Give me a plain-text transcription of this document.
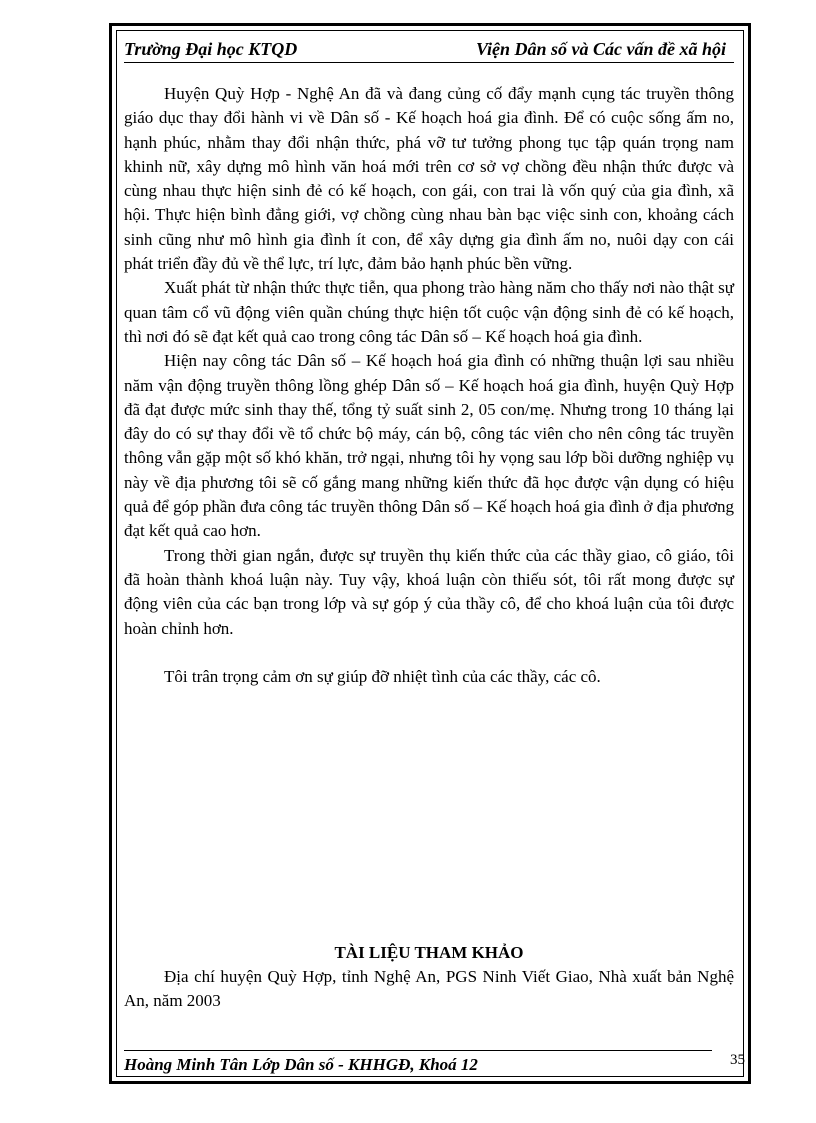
Trường Đại học KTQD	Viện Dân số và Các vấn đề xã hội

Huyện Quỳ Hợp - Nghệ An đã và đang củng cố đẩy mạnh cụng tác truyền thông giáo dục thay đổi hành vi về Dân số - Kế hoạch hoá gia đình. Để có cuộc sống ấm no, hạnh phúc, nhằm thay đổi nhận thức, phá vỡ tư tưởng phong tục tập quán trọng nam khinh nữ, xây dựng mô hình văn hoá mới trên cơ sở vợ chồng đều nhận thức được và cùng nhau thực hiện sinh đẻ có kế hoạch, con gái, con trai là vốn quý của gia đình, xã hội. Thực hiện bình đẳng giới, vợ chồng cùng nhau bàn bạc việc sinh con, khoảng cách sinh cũng như mô hình gia đình ít con, để xây dựng gia đình ấm no, nuôi dạy con cái phát triển đầy đủ về thể lực, trí lực, đảm bảo hạnh phúc bền vững.

Xuất phát từ nhận thức thực tiễn, qua phong trào hàng năm cho thấy nơi nào thật sự quan tâm cổ vũ động viên quần chúng thực hiện tốt cuộc vận động sinh đẻ có kế hoạch, thì nơi đó sẽ đạt kết quả cao trong công tác Dân số – Kế hoạch hoá gia đình.

Hiện nay công tác Dân số – Kế hoạch hoá gia đình có những thuận lợi sau nhiều năm vận động truyền thông lồng ghép Dân số – Kế hoạch hoá gia đình, huyện Quỳ Hợp đã đạt được mức sinh thay thế, tổng tỷ suất sinh 2, 05 con/mẹ. Nhưng trong 10 tháng lại đây do có sự thay đổi về tổ chức bộ máy, cán bộ, công tác viên cho nên công tác truyền thông vẫn gặp một số khó khăn, trở ngại, nhưng tôi hy vọng sau lớp bồi dưỡng nghiệp vụ này về địa phương tôi sẽ cố gắng mang những kiến thức đã học được vận dụng có hiệu quả để góp phần đưa công tác truyền thông Dân số – Kế hoạch hoá gia đình ở địa phương đạt kết quả cao hơn.

Trong thời gian ngắn, được sự truyền thụ kiến thức của các thầy giao, cô giáo, tôi đã hoàn thành khoá luận này. Tuy vậy, khoá luận còn thiếu sót, tôi rất mong được sự động viên của các bạn trong lớp và sự góp ý của thầy cô, để cho khoá luận của tôi được hoàn chỉnh hơn.

Tôi trân trọng cảm ơn sự giúp đỡ nhiệt tình của các thầy, các cô.

TÀI LIỆU THAM KHẢO

Địa chí huyện Quỳ Hợp, tỉnh Nghệ An, PGS Ninh Viết Giao, Nhà xuất bản Nghệ An, năm 2003

Hoàng Minh Tân Lớp Dân số - KHHGĐ, Khoá 12	35
